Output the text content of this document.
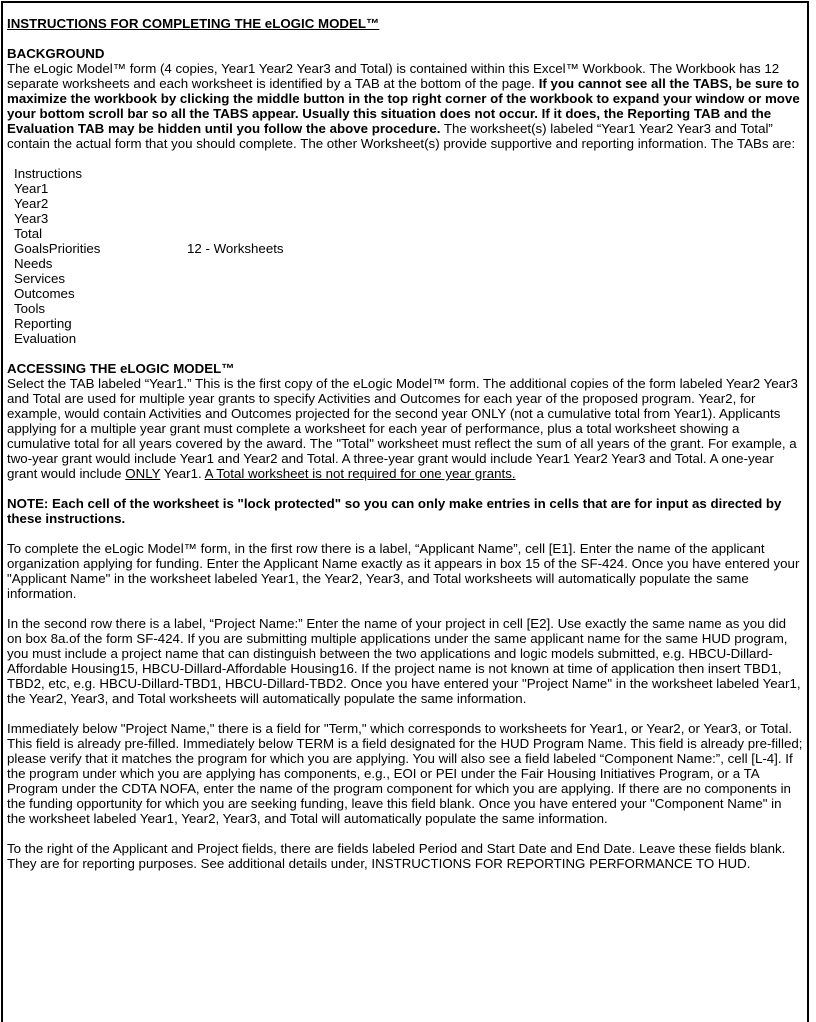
INSTRUCTIONS FOR COMPLETING THE eLOGIC MODEL™
BACKGROUND

The eLogic Model™ form (4 copies, Year1 Year2 Year3 and Total) is contained within this Excel™ Workbook. The Workbook has 12 separate worksheets and each worksheet is identified by a TAB at the bottom of the page. If you cannot see all the TABS, be sure to maximize the workbook by clicking the middle button in the top right corner of the workbook to expand your window or move your bottom scroll bar so all the TABS appear. Usually this situation does not occur. If it does, the Reporting TAB and the Evaluation TAB may be hidden until you follow the above procedure. The worksheet(s) labeled “Year1 Year2 Year3 and Total” contain the actual form that you should complete. The other Worksheet(s) provide supportive and reporting information. The TABs are:

Instructions
Year1
Year2
Year3
Total
GoalsPriorities	12 - Worksheets
Needs
Services
Outcomes
Tools
Reporting
Evaluation
ACCESSING THE eLOGIC MODEL™

Select the TAB labeled “Year1.” This is the first copy of the eLogic Model™ form. The additional copies of the form labeled Year2 Year3 and Total are used for multiple year grants to specify Activities and Outcomes for each year of the proposed program. Year2, for example, would contain Activities and Outcomes projected for the second year ONLY (not a cumulative total from Year1). Applicants applying for a multiple year grant must complete a worksheet for each year of performance, plus a total worksheet showing a cumulative total for all years covered by the award. The "Total" worksheet must reflect the sum of all years of the grant. For example, a two-year grant would include Year1 and Year2 and Total. A three-year grant would include Year1 Year2 Year3 and Total. A one-year grant would include ONLY Year1. A Total worksheet is not required for one year grants.

NOTE: Each cell of the worksheet is "lock protected" so you can only make entries in cells that are for input as directed by these instructions.

To complete the eLogic Model™ form, in the first row there is a label, “Applicant Name”, cell [E1]. Enter the name of the applicant organization applying for funding. Enter the Applicant Name exactly as it appears in box 15 of the SF-424. Once you have entered your "Applicant Name" in the worksheet labeled Year1, the Year2, Year3, and Total worksheets will automatically populate the same information.

In the second row there is a label, “Project Name:” Enter the name of your project in cell [E2]. Use exactly the same name as you did on box 8a.of the form SF-424. If you are submitting multiple applications under the same applicant name for the same HUD program, you must include a project name that can distinguish between the two applications and logic models submitted, e.g. HBCU-Dillard-Affordable Housing15, HBCU-Dillard-Affordable Housing16. If the project name is not known at time of application then insert TBD1, TBD2, etc, e.g. HBCU-Dillard-TBD1, HBCU-Dillard-TBD2. Once you have entered your "Project Name" in the worksheet labeled Year1, the Year2, Year3, and Total worksheets will automatically populate the same information.

Immediately below "Project Name," there is a field for "Term," which corresponds to worksheets for Year1, or Year2, or Year3, or Total. This field is already pre-filled. Immediately below TERM is a field designated for the HUD Program Name. This field is already pre-filled; please verify that it matches the program for which you are applying. You will also see a field labeled “Component Name:”, cell [L-4]. If the program under which you are applying has components, e.g., EOI or PEI under the Fair Housing Initiatives Program, or a TA Program under the CDTA NOFA, enter the name of the program component for which you are applying. If there are no components in the funding opportunity for which you are seeking funding, leave this field blank. Once you have entered your "Component Name" in the worksheet labeled Year1, Year2, Year3, and Total will automatically populate the same information.

To the right of the Applicant and Project fields, there are fields labeled Period and Start Date and End Date. Leave these fields blank. They are for reporting purposes. See additional details under, INSTRUCTIONS FOR REPORTING PERFORMANCE TO HUD.
